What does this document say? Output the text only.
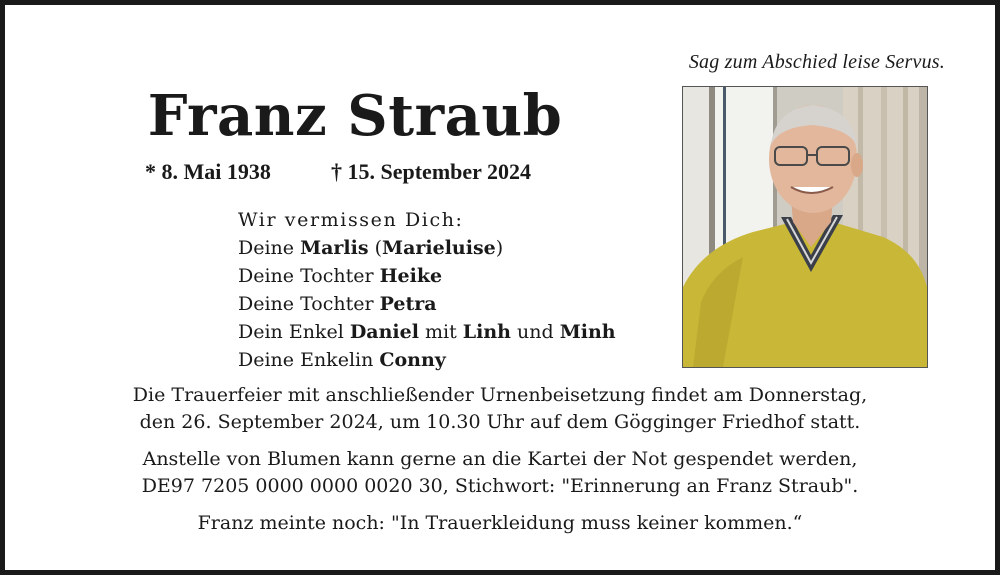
Sag zum Abschied leise Servus.
Franz Straub
* 8. Mai 1938	† 15. September 2024
Wir vermissen Dich:
Deine Marlis (Marieluise)
Deine Tochter Heike
Deine Tochter Petra
Dein Enkel Daniel mit Linh und Minh
Deine Enkelin Conny
Die Trauerfeier mit anschließender Urnenbeisetzung findet am Donnerstag,
den 26. September 2024, um 10.30 Uhr auf dem Gögginger Friedhof statt.
Anstelle von Blumen kann gerne an die Kartei der Not gespendet werden,
DE97 7205 0000 0000 0020 30, Stichwort: "Erinnerung an Franz Straub".
Franz meinte noch: "In Trauerkleidung muss keiner kommen.“
